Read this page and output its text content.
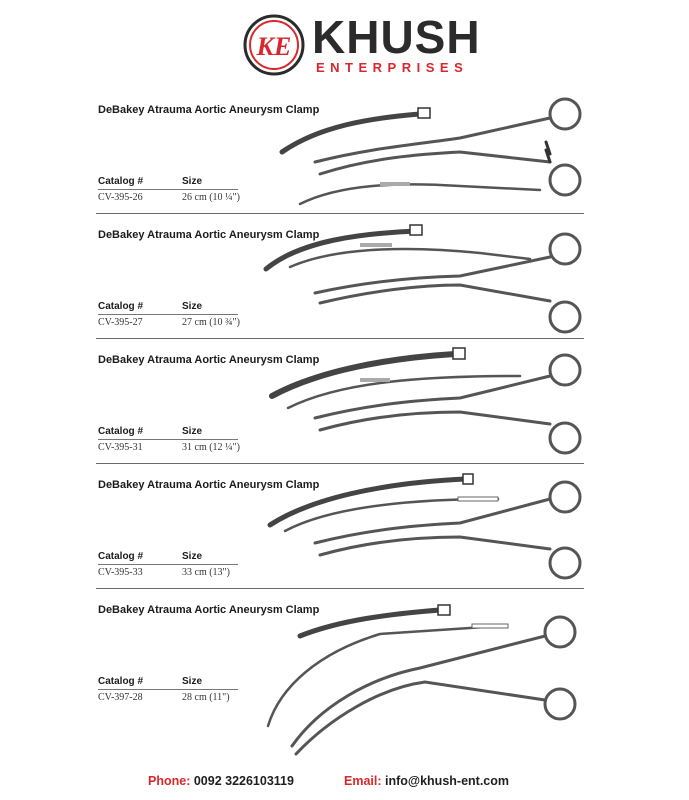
KE KHUSH
ENTERPRISES
DeBakey Atrauma Aortic Aneurysm Clamp
Catalog #	Size
CV-395-26	26 cm (10 ¼")
DeBakey Atrauma Aortic Aneurysm Clamp
Catalog #	Size
CV-395-27	27 cm (10 ¾")
DeBakey Atrauma Aortic Aneurysm Clamp
Catalog #	Size
CV-395-31	31 cm (12 ¼")
DeBakey Atrauma Aortic Aneurysm Clamp
Catalog #	Size
CV-395-33	33 cm (13")
DeBakey Atrauma Aortic Aneurysm Clamp
Catalog #	Size
CV-397-28	28 cm (11")
Phone: 0092 3226103119	Email: info@khush-ent.com
